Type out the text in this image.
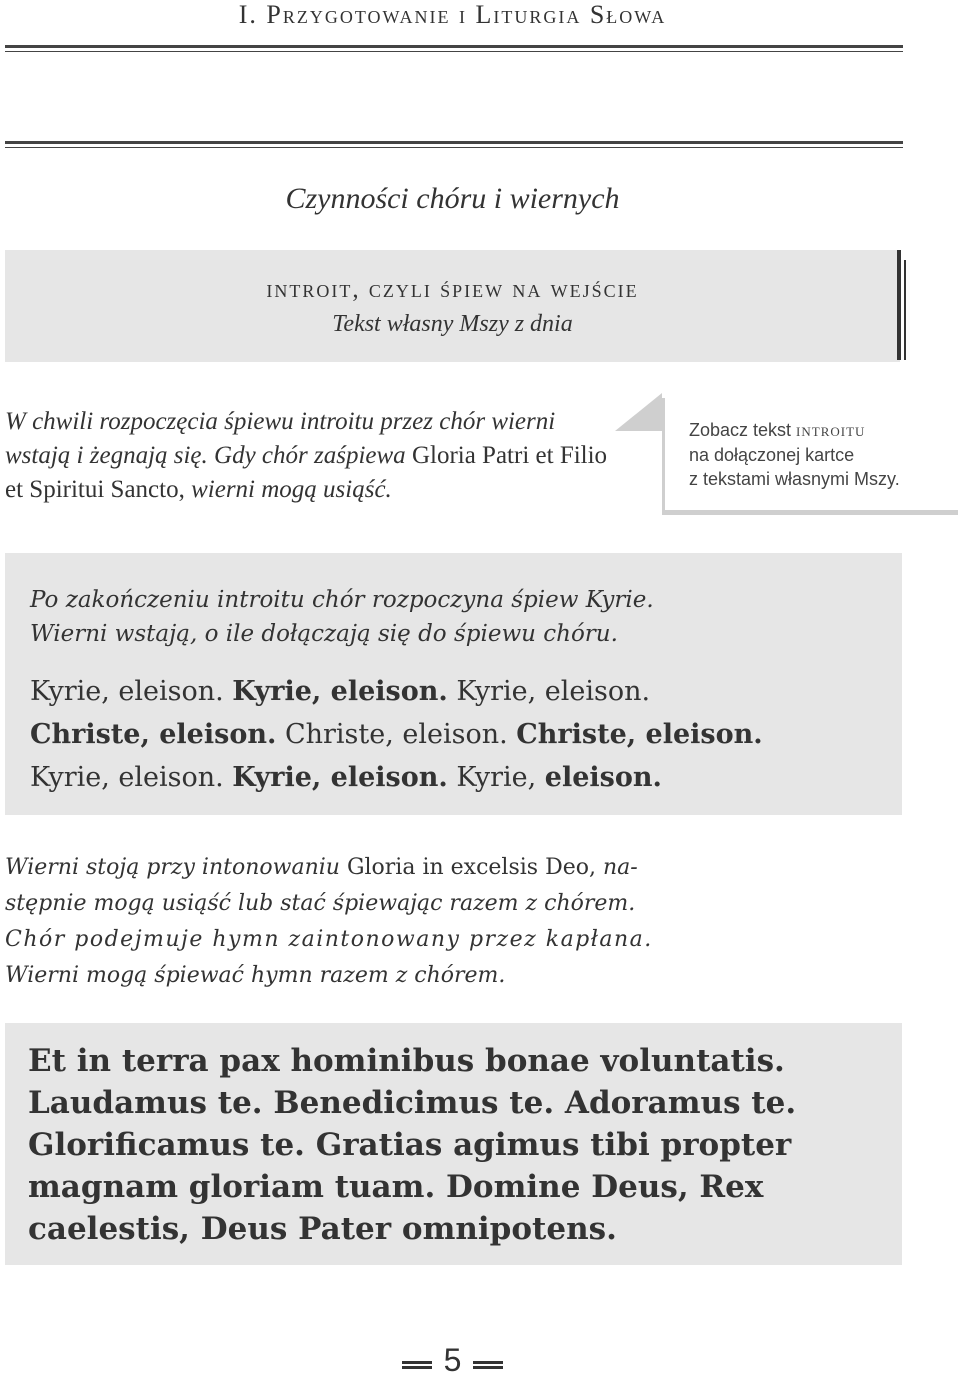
I. Przygotowanie i Liturgia Słowa
Czynności chóru i wiernych
introit, czyli śpiew na wejście
Tekst własny Mszy z dnia
W chwili rozpoczęcia śpiewu introitu przez chór wierni wstają i żegnają się. Gdy chór zaśpiewa Gloria Patri et Filio et Spiritui Sancto, wierni mogą usiąść.
Zobacz tekst introitu
na dołączonej kartce
z tekstami własnymi Mszy.
Po zakończeniu introitu chór rozpoczyna śpiew Kyrie.
Wierni wstają, o ile dołączają się do śpiewu chóru.
Kyrie, eleison. Kyrie, eleison. Kyrie, eleison.
Christe, eleison. Christe, eleison. Christe, eleison.
Kyrie, eleison. Kyrie, eleison. Kyrie, eleison.
Wierni stoją przy intonowaniu Gloria in excelsis Deo, na-
stępnie mogą usiąść lub stać śpiewając razem z chórem.
Chór podejmuje hymn zaintonowany przez kapłana.
Wierni mogą śpiewać hymn razem z chórem.
Et in terra pax hominibus bonae voluntatis. Laudamus te. Benedicimus te. Adoramus te. Glorificamus te. Gratias agimus tibi propter magnam gloriam tuam. Domine Deus, Rex caelestis, Deus Pater omnipotens.
5
